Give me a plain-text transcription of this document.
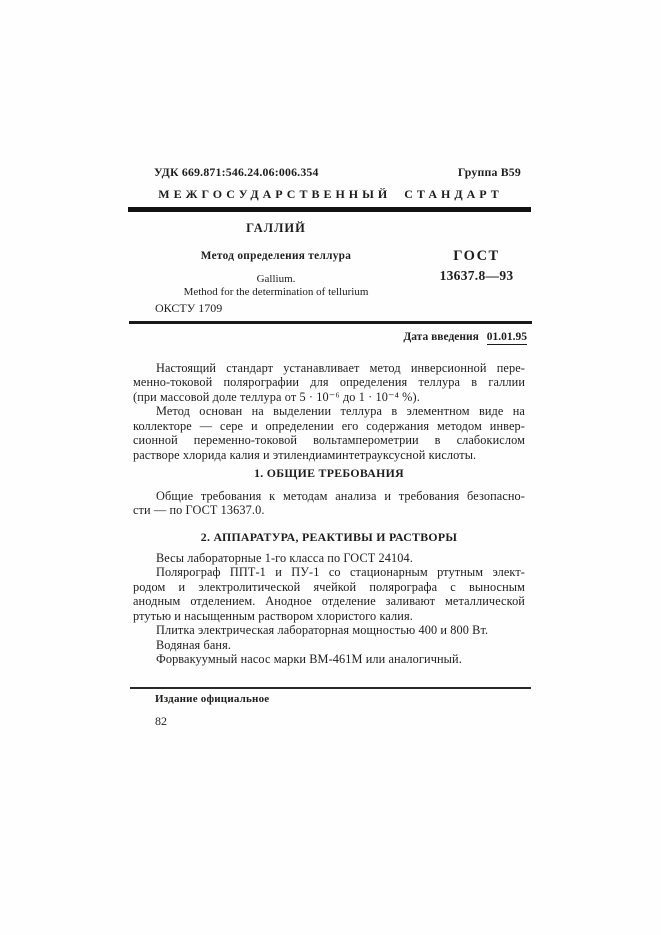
УДК 669.871:546.24.06:006.354	Группа В59
МЕЖГОСУДАРСТВЕННЫЙ СТАНДАРТ
ГАЛЛИЙ
Метод определения теллура
Gallium.
Method for the determination of tellurium
ГОСТ
13637.8—93
ОКСТУ 1709
Дата введения 01.01.95
Настоящий стандарт устанавливает метод инверсионной пере-
менно-токовой полярографии для определения теллура в галлии
(при массовой доле теллура от 5 · 10⁻⁶ до 1 · 10⁻⁴ %).
Метод основан на выделении теллура в элементном виде на
коллекторе — сере и определении его содержания методом инвер-
сионной переменно-токовой вольтамперометрии в слабокислом
растворе хлорида калия и этилендиаминтетрауксусной кислоты.
1. ОБЩИЕ ТРЕБОВАНИЯ
Общие требования к методам анализа и требования безопасно-
сти — по ГОСТ 13637.0.
2. АППАРАТУРА, РЕАКТИВЫ И РАСТВОРЫ
Весы лабораторные 1-го класса по ГОСТ 24104.
Полярограф ППТ-1 и ПУ-1 со стационарным ртутным элект-
родом и электролитической ячейкой полярографа с выносным
анодным отделением. Анодное отделение заливают металлической
ртутью и насыщенным раствором хлористого калия.
Плитка электрическая лабораторная мощностью 400 и 800 Вт.
Водяная баня.
Форвакуумный насос марки ВМ-461М или аналогичный.
Издание официальное
82
